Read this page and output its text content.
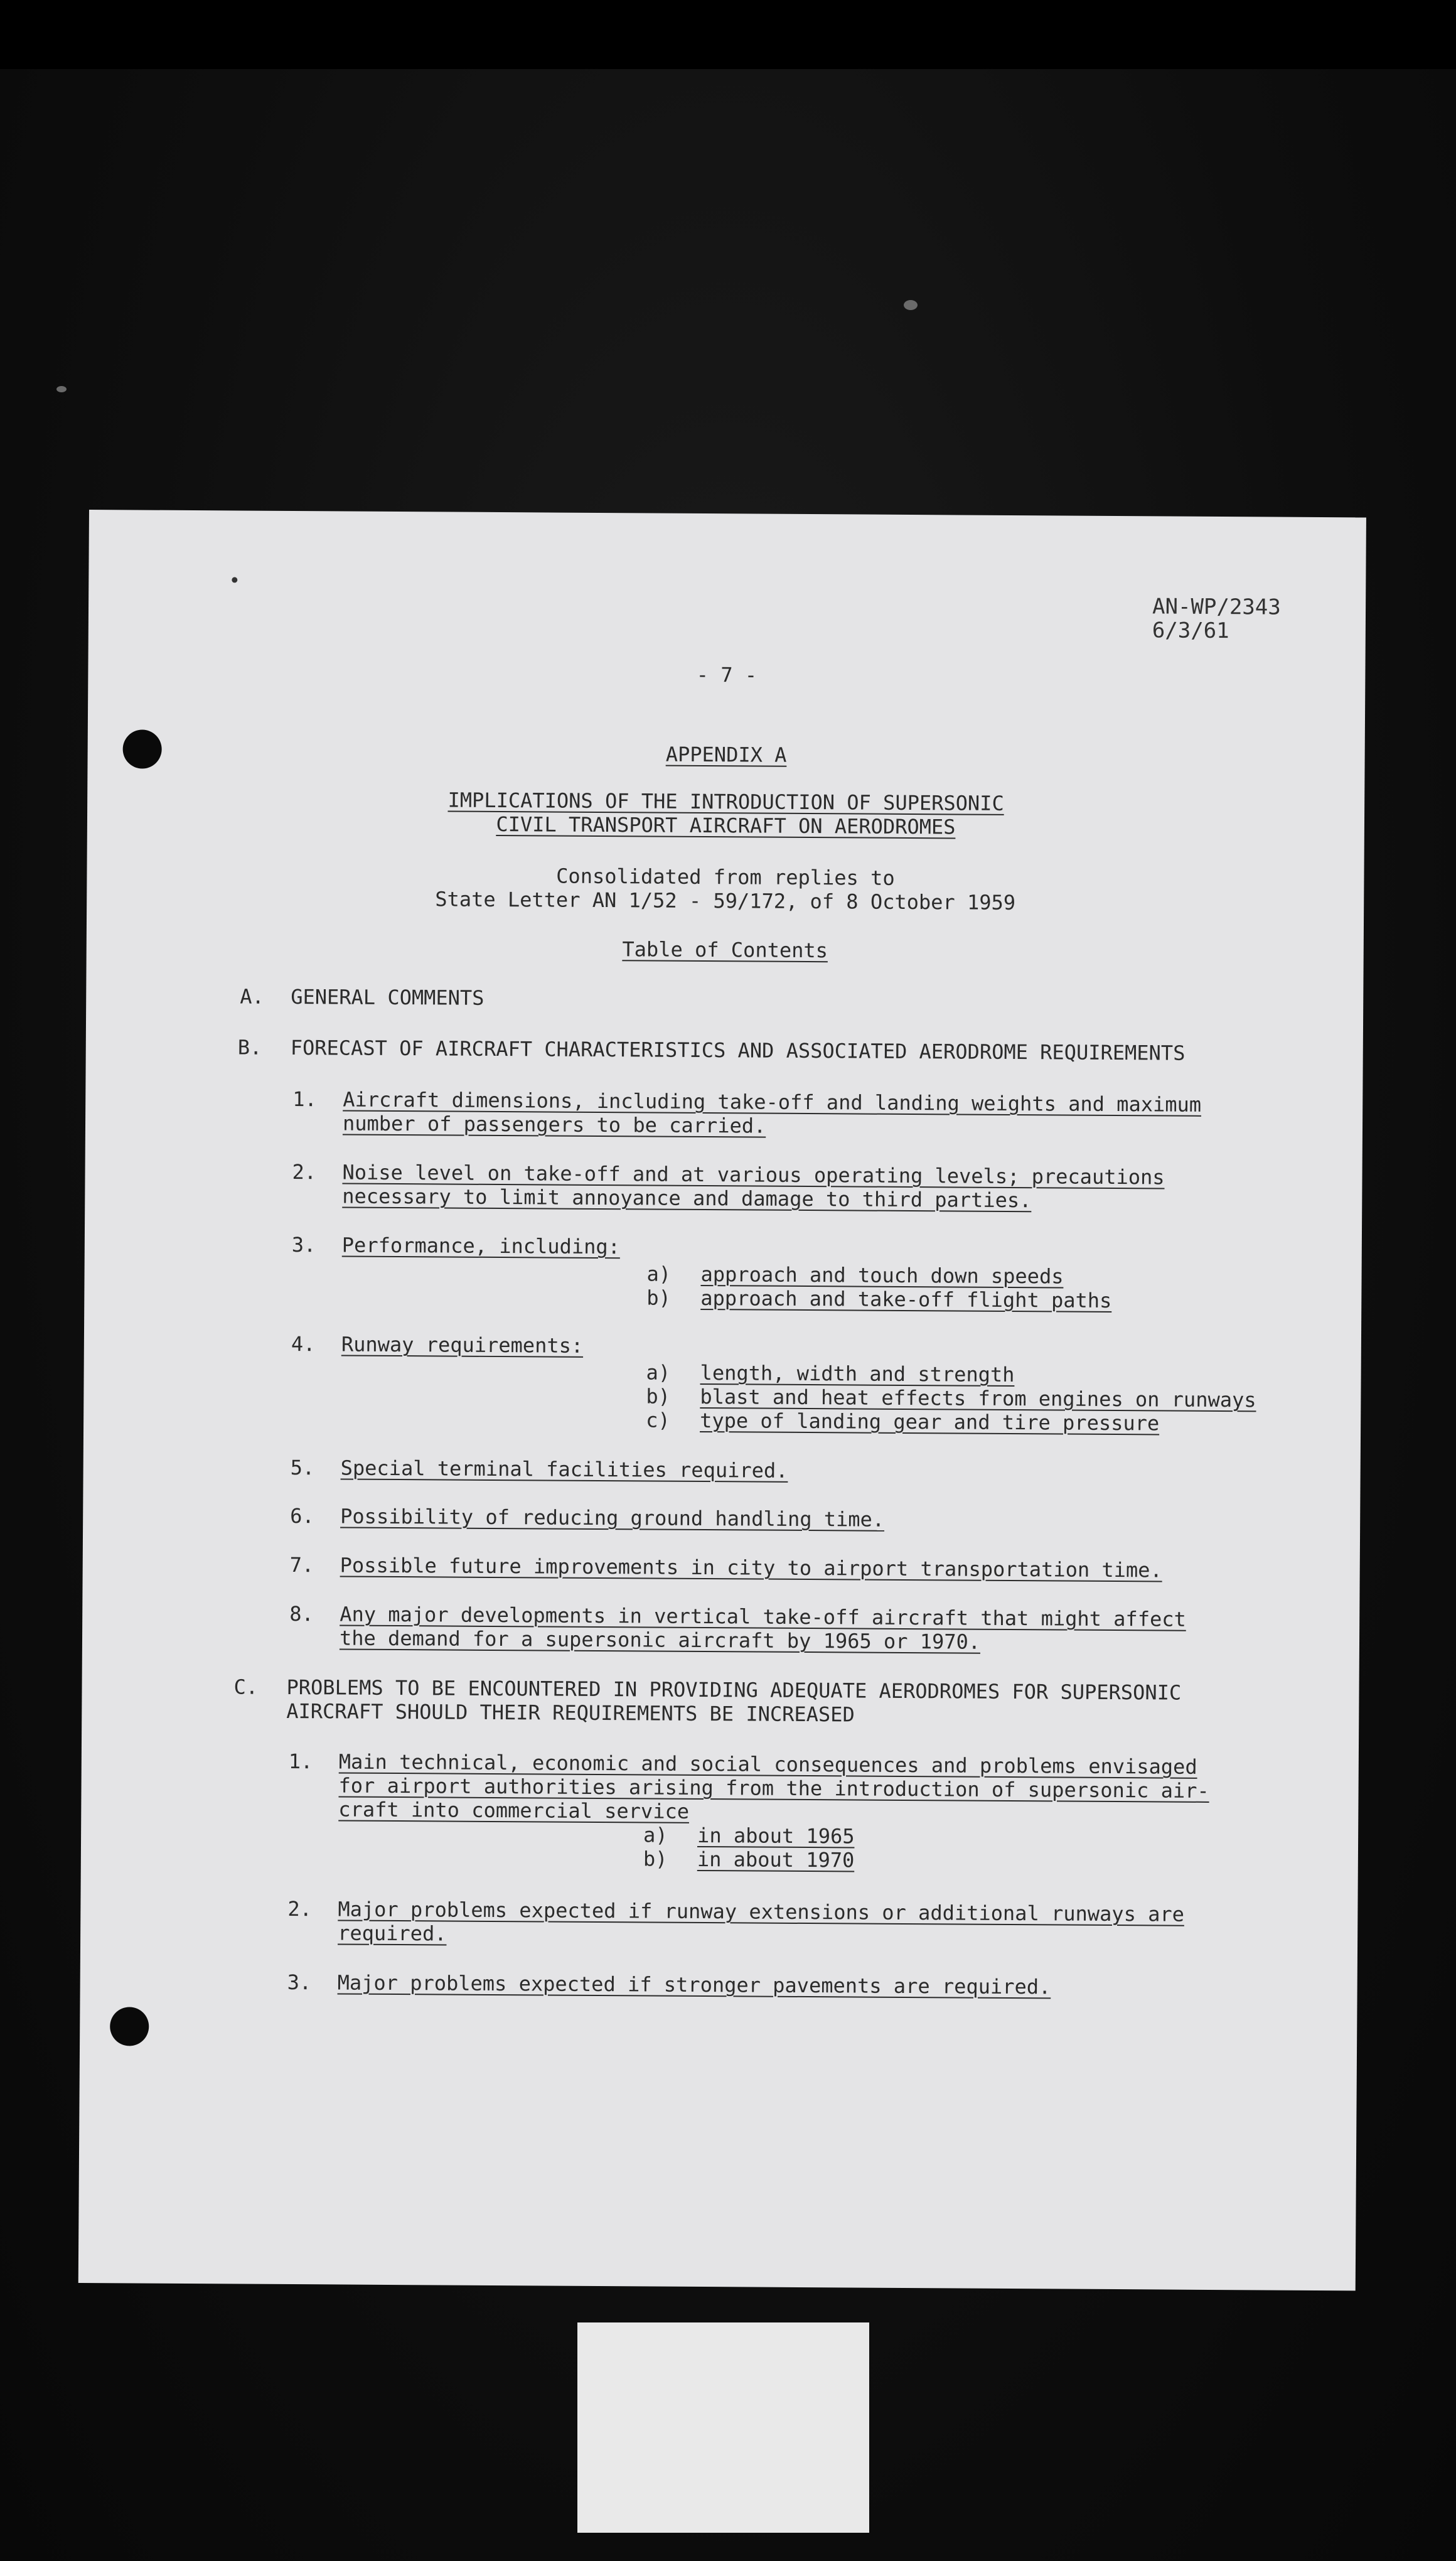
AN-WP/2343
6/3/61
- 7 -
APPENDIX A
IMPLICATIONS OF THE INTRODUCTION OF SUPERSONIC
CIVIL TRANSPORT AIRCRAFT ON AERODROMES
Consolidated from replies to
State Letter AN 1/52 - 59/172, of 8 October 1959
Table of Contents
A. GENERAL COMMENTS
B. FORECAST OF AIRCRAFT CHARACTERISTICS AND ASSOCIATED AERODROME REQUIREMENTS
1. Aircraft dimensions, including take-off and landing weights and maximum
number of passengers to be carried.
2. Noise level on take-off and at various operating levels; precautions
necessary to limit annoyance and damage to third parties.
3. Performance, including:
a) approach and touch down speeds
b) approach and take-off flight paths
4. Runway requirements:
a) length, width and strength
b) blast and heat effects from engines on runways
c) type of landing gear and tire pressure
5. Special terminal facilities required.
6. Possibility of reducing ground handling time.
7. Possible future improvements in city to airport transportation time.
8. Any major developments in vertical take-off aircraft that might affect
the demand for a supersonic aircraft by 1965 or 1970.
C. PROBLEMS TO BE ENCOUNTERED IN PROVIDING ADEQUATE AERODROMES FOR SUPERSONIC
AIRCRAFT SHOULD THEIR REQUIREMENTS BE INCREASED
1. Main technical, economic and social consequences and problems envisaged
for airport authorities arising from the introduction of supersonic air-
craft into commercial service
a) in about 1965
b) in about 1970
2. Major problems expected if runway extensions or additional runways are
required.
3. Major problems expected if stronger pavements are required.
